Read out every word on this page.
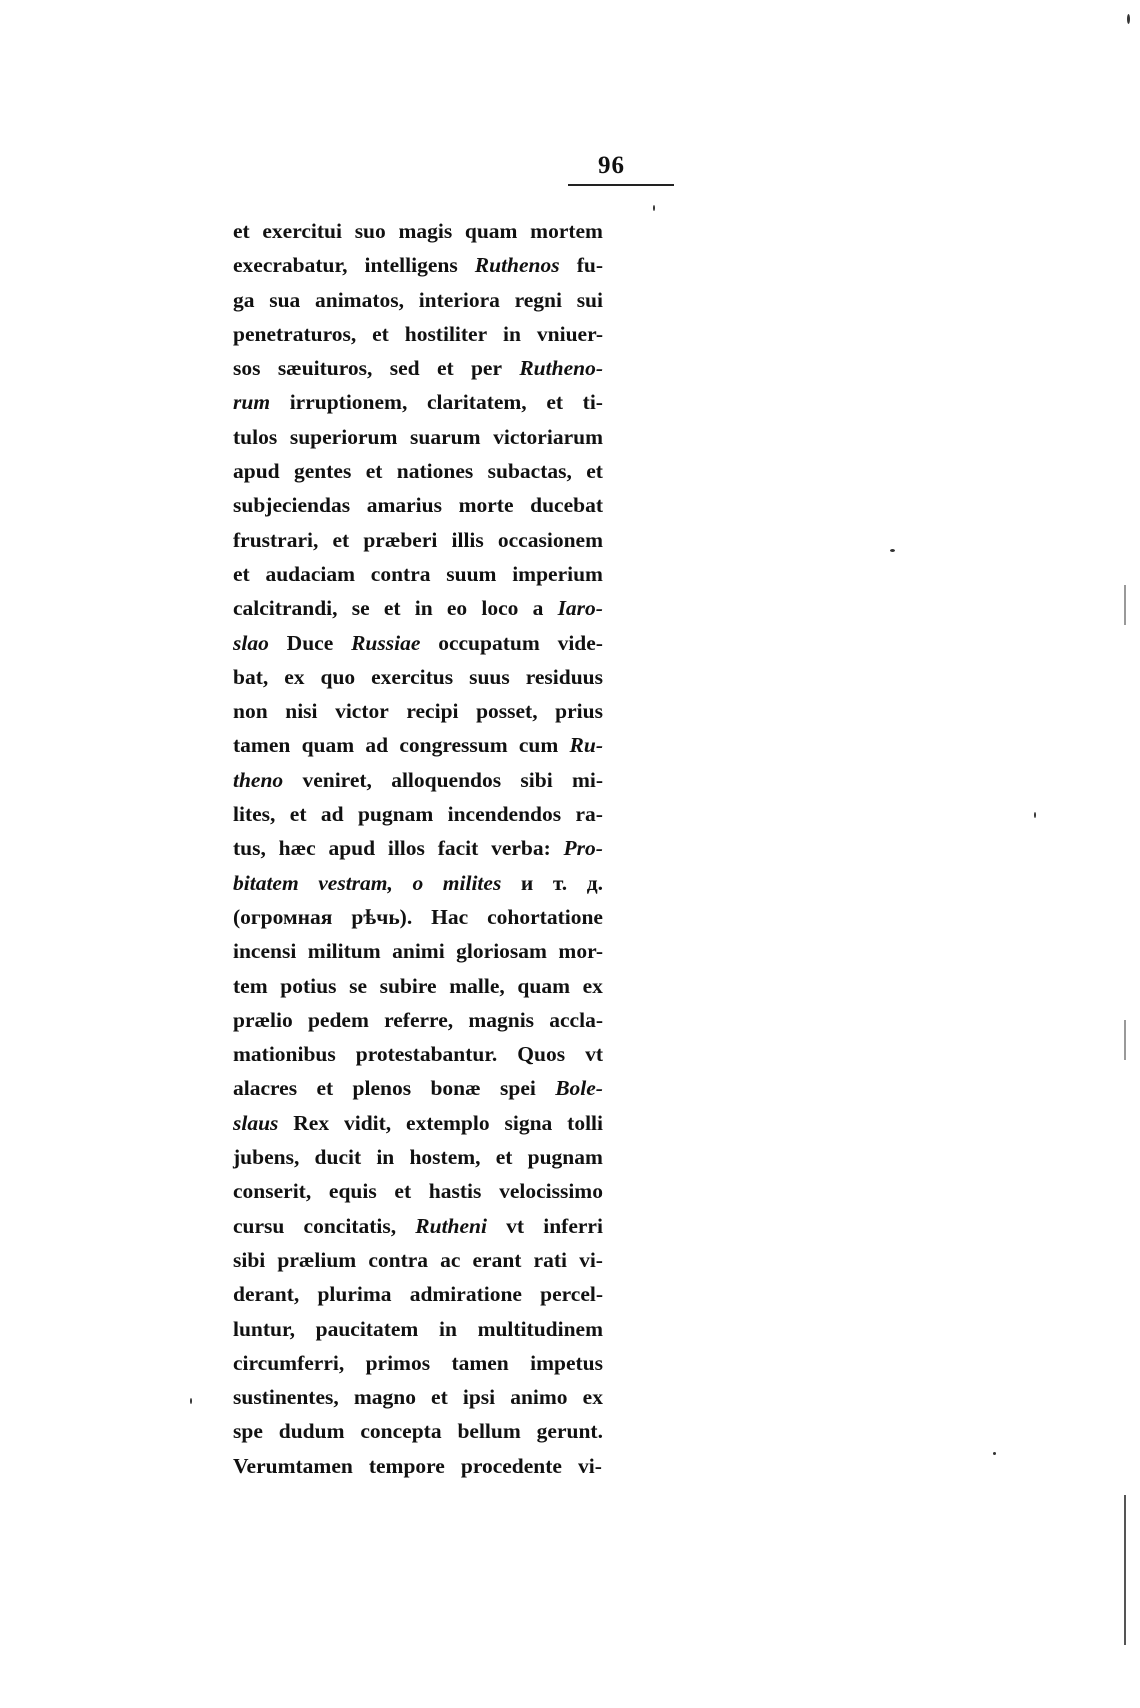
96
et exercitui suo magis quam mortem
execrabatur, intelligens Ruthenos fu-
ga sua animatos, interiora regni sui
penetraturos, et hostiliter in vniuer-
sos sæuituros, sed et per Rutheno-
rum irruptionem, claritatem, et ti-
tulos superiorum suarum victoriarum
apud gentes et nationes subactas, et
subjeciendas amarius morte ducebat
frustrari, et præberi illis occasionem
et audaciam contra suum imperium
calcitrandi, se et in eo loco a Iaro-
slao Duce Russiae occupatum vide-
bat, ex quo exercitus suus residuus
non nisi victor recipi posset, prius
tamen quam ad congressum cum Ru-
theno veniret, alloquendos sibi mi-
lites, et ad pugnam incendendos ra-
tus, hæc apud illos facit verba: Pro-
bitatem vestram, o milites и т. д.
(огромная рѣчь). Hac cohortatione
incensi militum animi gloriosam mor-
tem potius se subire malle, quam ex
prælio pedem referre, magnis accla-
mationibus protestabantur. Quos vt
alacres et plenos bonæ spei Bole-
slaus Rex vidit, extemplo signa tolli
jubens, ducit in hostem, et pugnam
conserit, equis et hastis velocissimo
cursu concitatis, Rutheni vt inferri
sibi prælium contra ac erant rati vi-
derant, plurima admiratione percel-
luntur, paucitatem in multitudinem
circumferri, primos tamen impetus
sustinentes, magno et ipsi animo ex
spe dudum concepta bellum gerunt.
Verumtamen tempore procedente vi-
